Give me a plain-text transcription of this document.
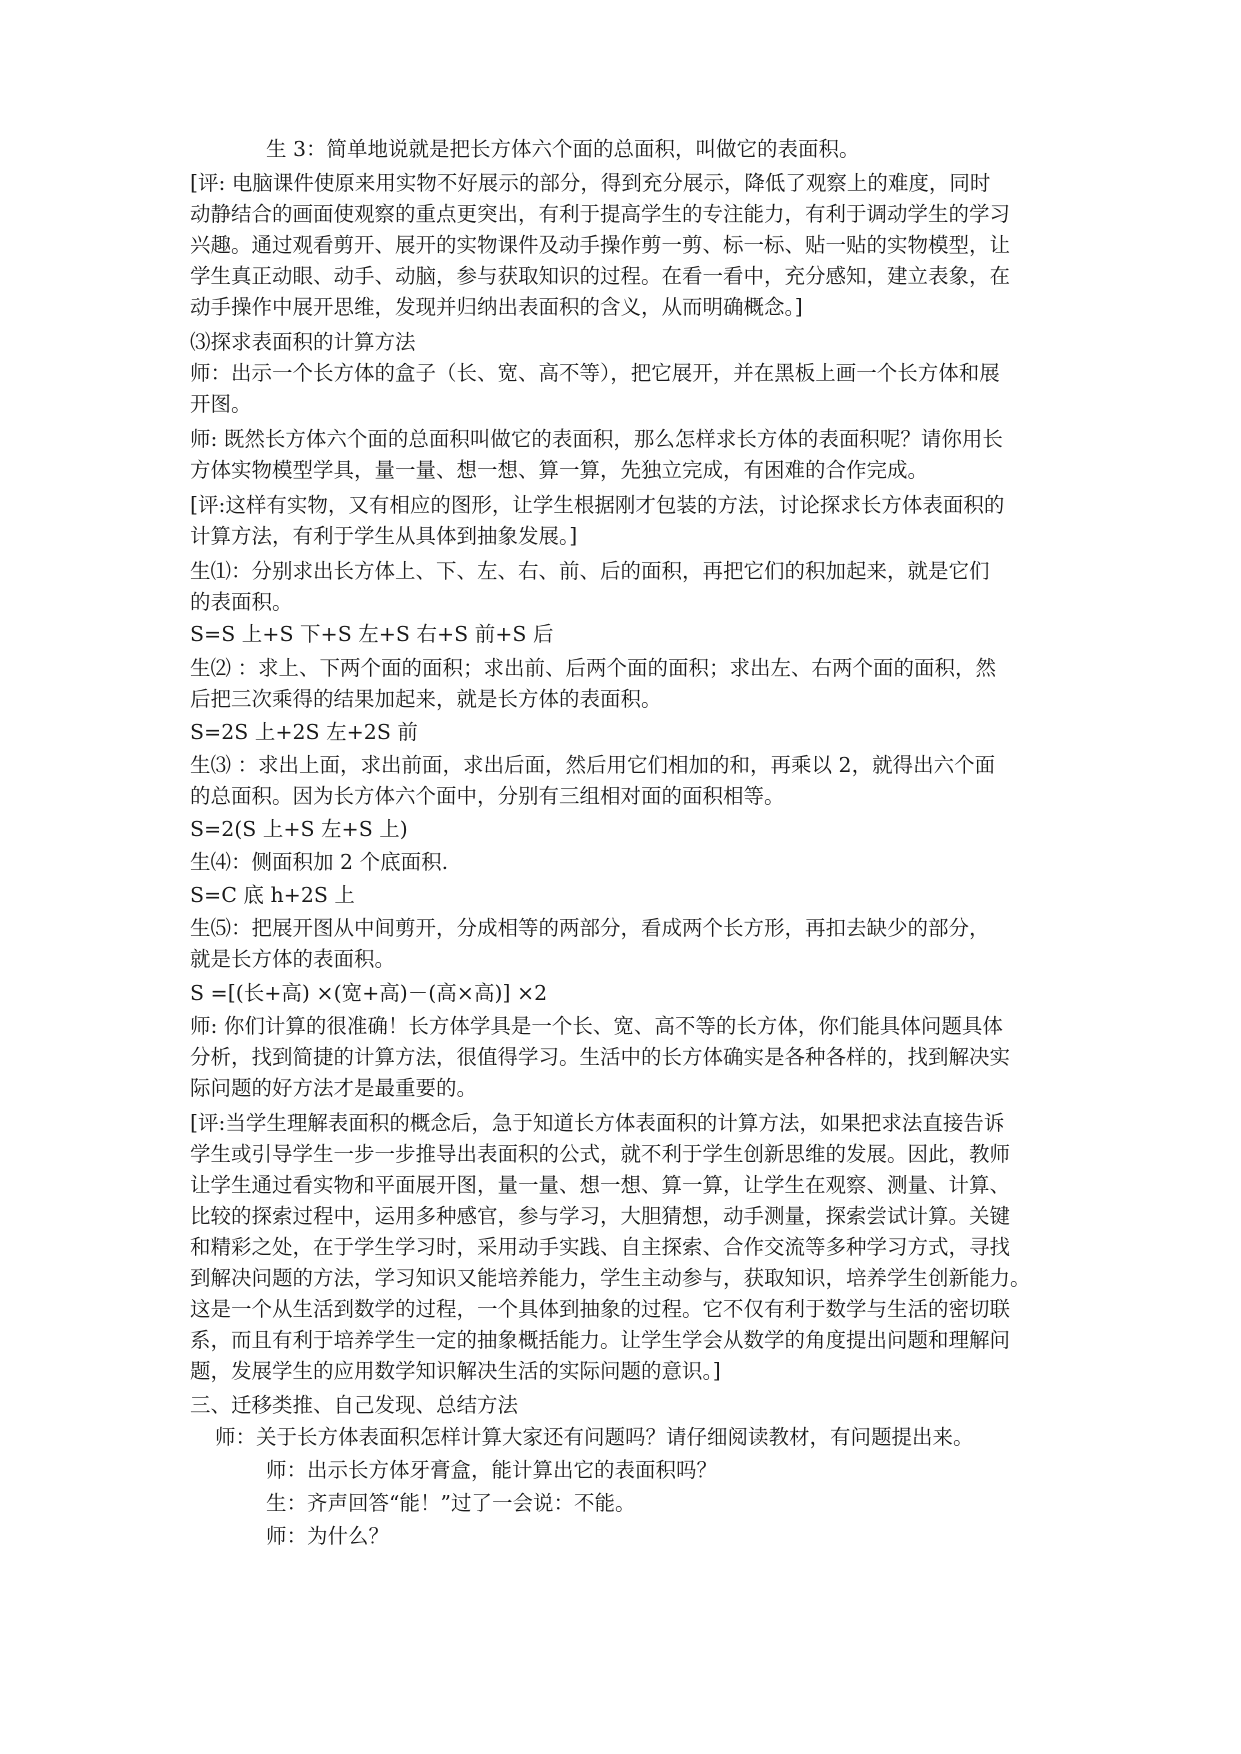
生 3：简单地说就是把长方体六个面的总面积，叫做它的表面积。
[评: 电脑课件使原来用实物不好展示的部分，得到充分展示，降低了观察上的难度，同时
动静结合的画面使观察的重点更突出，有利于提高学生的专注能力，有利于调动学生的学习
兴趣。通过观看剪开、展开的实物课件及动手操作剪一剪、标一标、贴一贴的实物模型，让
学生真正动眼、动手、动脑，参与获取知识的过程。在看一看中，充分感知，建立表象，在
动手操作中展开思维，发现并归纳出表面积的含义，从而明确概念。]
⑶探求表面积的计算方法
师：出示一个长方体的盒子（长、宽、高不等），把它展开，并在黑板上画一个长方体和展
开图。
师: 既然长方体六个面的总面积叫做它的表面积，那么怎样求长方体的表面积呢？请你用长
方体实物模型学具，量一量、想一想、算一算，先独立完成，有困难的合作完成。
[评:这样有实物，又有相应的图形，让学生根据刚才包装的方法，讨论探求长方体表面积的
计算方法，有利于学生从具体到抽象发展。]
生⑴：分别求出长方体上、下、左、右、前、后的面积，再把它们的积加起来，就是它们
的表面积。
S=S 上+S 下+S 左+S 右+S 前+S 后
生⑵ ：求上、下两个面的面积；求出前、后两个面的面积；求出左、右两个面的面积，然
后把三次乘得的结果加起来，就是长方体的表面积。
S=2S 上+2S 左+2S 前
生⑶ ：求出上面，求出前面，求出后面，然后用它们相加的和，再乘以 2，就得出六个面
的总面积。因为长方体六个面中，分别有三组相对面的面积相等。
S=2(S 上+S 左+S 上)
生⑷：侧面积加 2 个底面积.
S=C 底 h+2S 上
生⑸：把展开图从中间剪开，分成相等的两部分，看成两个长方形，再扣去缺少的部分，
就是长方体的表面积。
S =[(长+高) ×(宽+高)－(高×高)] ×2
师: 你们计算的很准确！长方体学具是一个长、宽、高不等的长方体，你们能具体问题具体
分析，找到简捷的计算方法，很值得学习。生活中的长方体确实是各种各样的，找到解决实
际问题的好方法才是最重要的。
[评:当学生理解表面积的概念后，急于知道长方体表面积的计算方法，如果把求法直接告诉
学生或引导学生一步一步推导出表面积的公式，就不利于学生创新思维的发展。因此，教师
让学生通过看实物和平面展开图，量一量、想一想、算一算，让学生在观察、测量、计算、
比较的探索过程中，运用多种感官，参与学习，大胆猜想，动手测量，探索尝试计算。关键
和精彩之处，在于学生学习时，采用动手实践、自主探索、合作交流等多种学习方式，寻找
到解决问题的方法，学习知识又能培养能力，学生主动参与，获取知识，培养学生创新能力。
这是一个从生活到数学的过程，一个具体到抽象的过程。它不仅有利于数学与生活的密切联
系，而且有利于培养学生一定的抽象概括能力。让学生学会从数学的角度提出问题和理解问
题，发展学生的应用数学知识解决生活的实际问题的意识。]
三、迁移类推、自己发现、总结方法
师：关于长方体表面积怎样计算大家还有问题吗？请仔细阅读教材，有问题提出来。
师：出示长方体牙膏盒，能计算出它的表面积吗？
生：齐声回答“能！”过了一会说：不能。
师：为什么？
